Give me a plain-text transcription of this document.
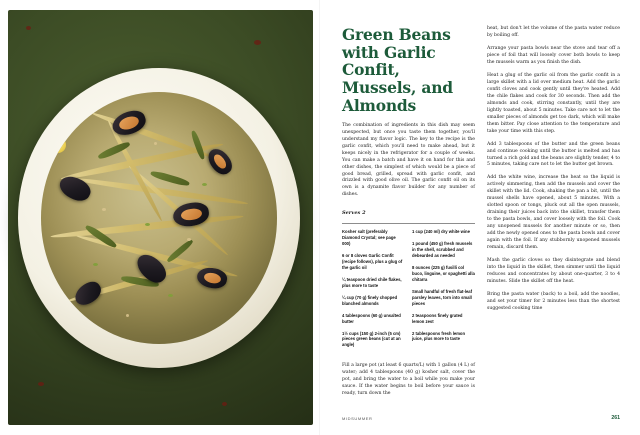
Green Beans with Garlic Confit, Mussels, and Almonds

The combination of ingredients in this dish may seem unexpected, but once you taste them together, you'll understand my flavor logic. The key to the recipe is the garlic confit, which you'll need to make ahead, but it keeps nicely in the refrigerator for a couple of weeks. You can make a batch and have it on hand for this and other dishes, the simplest of which would be a piece of good bread, grilled, spread with garlic confit, and drizzled with good olive oil. The garlic confit oil on its own is a dynamite flavor builder for any number of dishes.

Serves 2

Kosher salt (preferably Diamond Crystal; see page 000)

6 or 8 cloves Garlic Confit (recipe follows), plus a glug of the garlic oil

¼ teaspoon dried chile flakes, plus more to taste

¼ cup (70 g) finely chopped blanched almonds

4 tablespoons (60 g) unsalted butter

1½ cups (150 g) 2-inch (5 cm) pieces green beans (cut at an angle)

1 cup (240 ml) dry white wine

1 pound (450 g) fresh mussels in the shell, scrubbed and debearded as needed

8 ounces (225 g) fusilli col buco, linguine, or spaghetti alla chitarra

Small handful of fresh flat-leaf parsley leaves, torn into small pieces

2 teaspoons finely grated lemon zest

2 tablespoons fresh lemon juice, plus more to taste

Fill a large pot (at least 6 quarts/L) with 1 gallon (4 L) of water; add 4 tablespoons (40 g) kosher salt, cover the pot, and bring the water to a boil while you make your sauce. If the water begins to boil before your sauce is ready, turn down the

heat, but don't let the volume of the pasta water reduce by boiling off.

Arrange your pasta bowls near the stove and tear off a piece of foil that will loosely cover both bowls to keep the mussels warm as you finish the dish.

Heat a glug of the garlic oil from the garlic confit in a large skillet with a lid over medium heat. Add the garlic confit cloves and cook gently until they're heated. Add the chile flakes and cook for 30 seconds. Then add the almonds and cook, stirring constantly, until they are lightly toasted, about 5 minutes. Take care not to let the smaller pieces of almonds get too dark, which will make them bitter. Pay close attention to the temperature and take your time with this step.

Add 3 tablespoons of the butter and the green beans and continue cooking until the butter is melted and has turned a rich gold and the beans are slightly tender, 4 to 5 minutes, taking care not to let the butter get brown.

Add the white wine, increase the heat so the liquid is actively simmering, then add the mussels and cover the skillet with the lid. Cook, shaking the pan a bit, until the mussel shells have opened, about 5 minutes. With a slotted spoon or tongs, pluck out all the open mussels, draining their juices back into the skillet, transfer them to the pasta bowls, and cover loosely with the foil. Cook any unopened mussels for another minute or so, then add the newly opened ones to the pasta bowls and cover again with the foil. If any stubbornly unopened mussels remain, discard them.

Mash the garlic cloves so they disintegrate and blend into the liquid in the skillet, then simmer until the liquid reduces and concentrates by about one-quarter, 3 to 4 minutes. Slide the skillet off the heat.

Bring the pasta water (back) to a boil, add the noodles, and set your timer for 2 minutes less than the shortest suggested cooking time

MIDSUMMER	261
